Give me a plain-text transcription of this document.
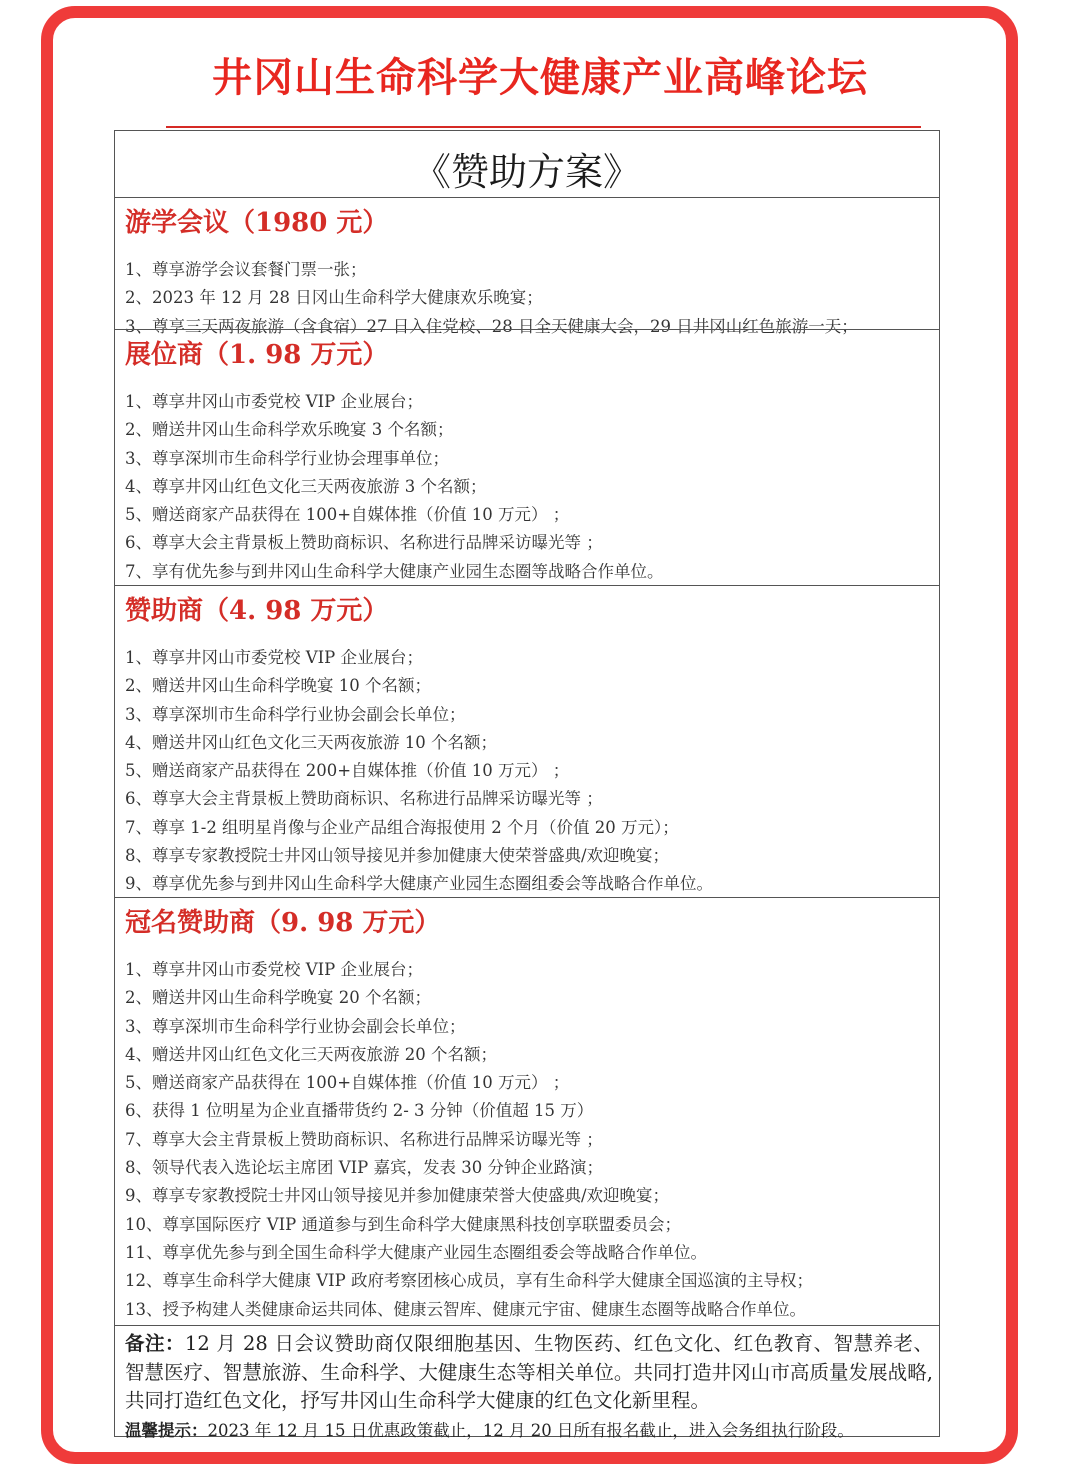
井冈山生命科学大健康产业高峰论坛
《赞助方案》
游学会议（1980 元）
1、尊享游学会议套餐门票一张；
2、2023 年 12 月 28 日冈山生命科学大健康欢乐晚宴；
3、尊享三天两夜旅游（含食宿）27 日入住党校、28 日全天健康大会，29 日井冈山红色旅游一天；
展位商（1. 98 万元）
1、尊享井冈山市委党校 VIP 企业展台；
2、赠送井冈山生命科学欢乐晚宴 3 个名额；
3、尊享深圳市生命科学行业协会理事单位；
4、尊享井冈山红色文化三天两夜旅游 3 个名额；
5、赠送商家产品获得在 100+自媒体推（价值 10 万元） ；
6、尊享大会主背景板上赞助商标识、名称进行品牌采访曝光等 ；
7、享有优先参与到井冈山生命科学大健康产业园生态圈等战略合作单位。
赞助商（4. 98 万元）
1、尊享井冈山市委党校 VIP 企业展台；
2、赠送井冈山生命科学晚宴 10 个名额；
3、尊享深圳市生命科学行业协会副会长单位；
4、赠送井冈山红色文化三天两夜旅游 10 个名额；
5、赠送商家产品获得在 200+自媒体推（价值 10 万元） ；
6、尊享大会主背景板上赞助商标识、名称进行品牌采访曝光等 ；
7、尊享 1-2 组明星肖像与企业产品组合海报使用 2 个月（价值 20 万元）；
8、尊享专家教授院士井冈山领导接见并参加健康大使荣誉盛典/欢迎晚宴；
9、尊享优先参与到井冈山生命科学大健康产业园生态圈组委会等战略合作单位。
冠名赞助商（9. 98 万元）
1、尊享井冈山市委党校 VIP 企业展台；
2、赠送井冈山生命科学晚宴 20 个名额；
3、尊享深圳市生命科学行业协会副会长单位；
4、赠送井冈山红色文化三天两夜旅游 20 个名额；
5、赠送商家产品获得在 100+自媒体推（价值 10 万元） ；
6、获得 1 位明星为企业直播带货约 2- 3 分钟（价值超 15 万）
7、尊享大会主背景板上赞助商标识、名称进行品牌采访曝光等 ；
8、领导代表入选论坛主席团 VIP 嘉宾，发表 30 分钟企业路演；
9、尊享专家教授院士井冈山领导接见并参加健康荣誉大使盛典/欢迎晚宴；
10、尊享国际医疗 VIP 通道参与到生命科学大健康黑科技创享联盟委员会；
11、尊享优先参与到全国生命科学大健康产业园生态圈组委会等战略合作单位。
12、尊享生命科学大健康 VIP 政府考察团核心成员，享有生命科学大健康全国巡演的主导权；
13、授予构建人类健康命运共同体、健康云智库、健康元宇宙、健康生态圈等战略合作单位。
备注：12 月 28 日会议赞助商仅限细胞基因、生物医药、红色文化、红色教育、智慧养老、智慧医疗、智慧旅游、生命科学、大健康生态等相关单位。共同打造井冈山市高质量发展战略,共同打造红色文化，抒写井冈山生命科学大健康的红色文化新里程。
温馨提示：2023 年 12 月 15 日优惠政策截止，12 月 20 日所有报名截止，进入会务组执行阶段。
